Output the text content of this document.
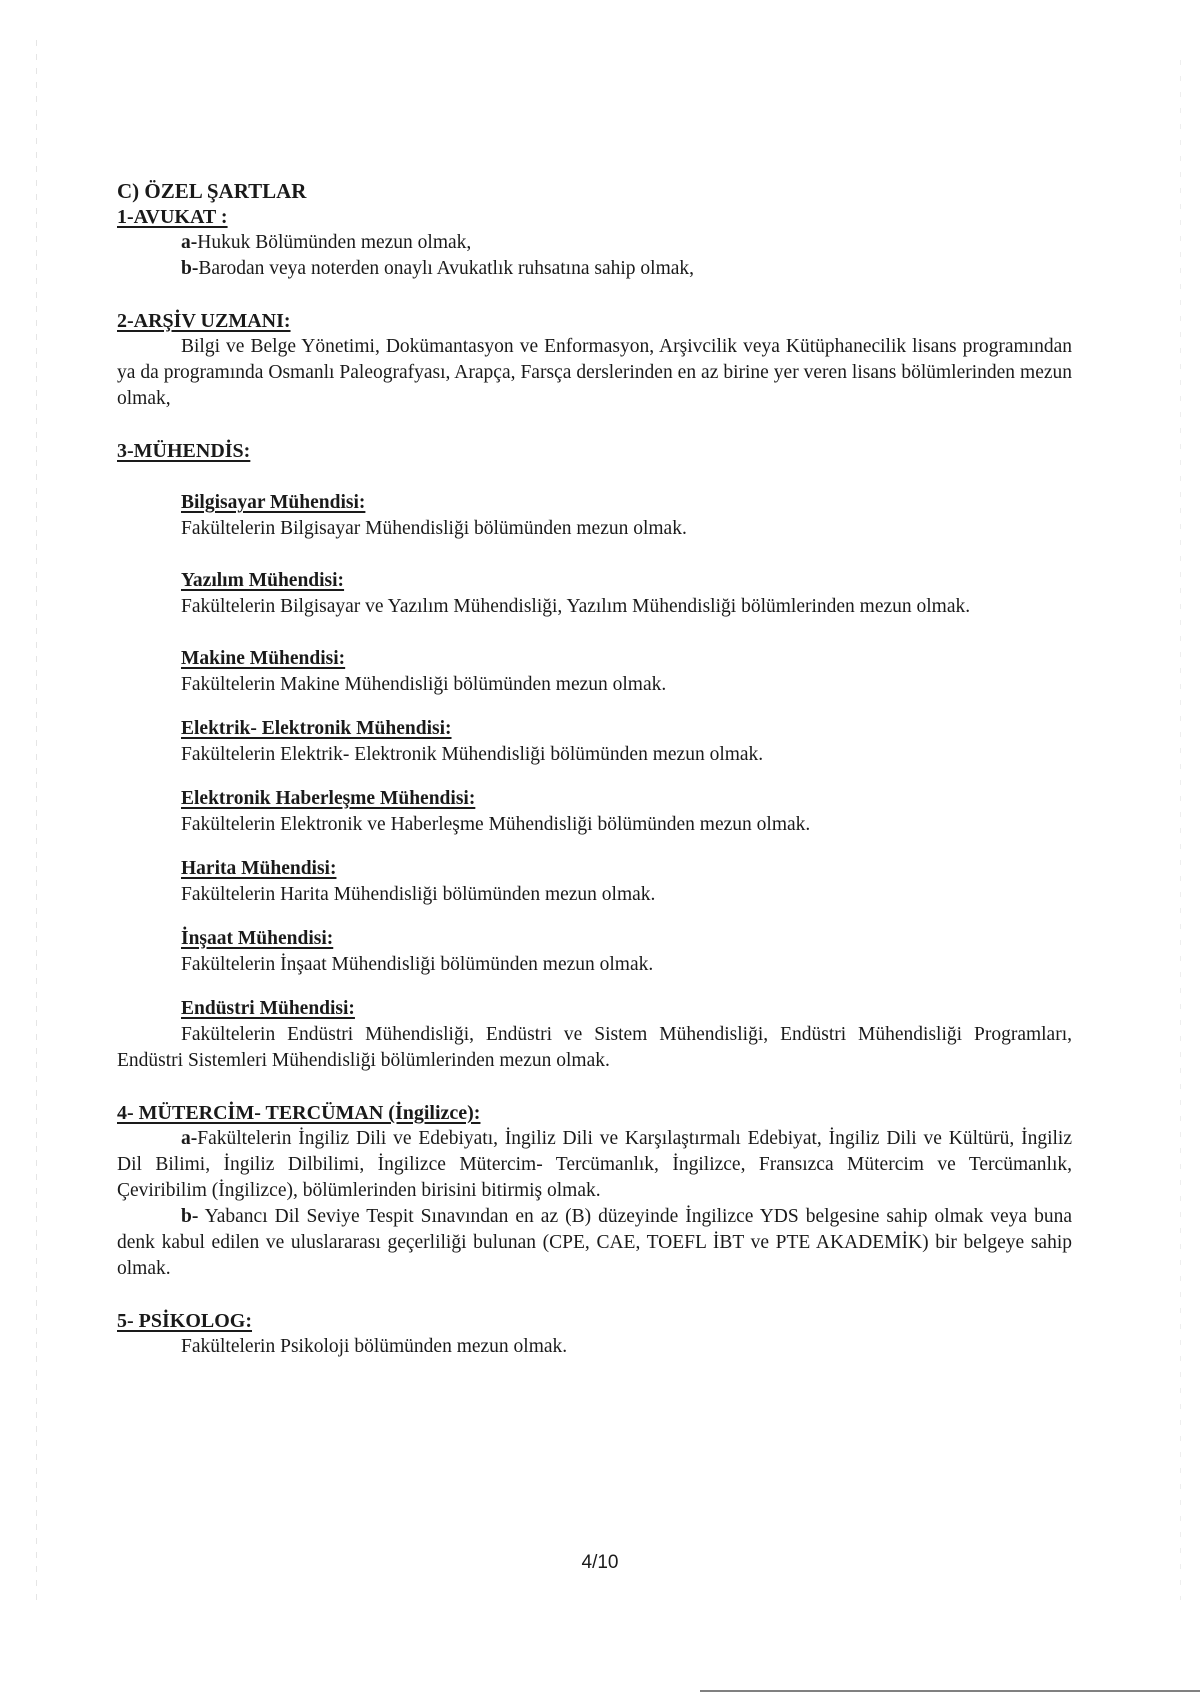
C) ÖZEL ŞARTLAR
1-AVUKAT :
a-Hukuk Bölümünden mezun olmak,
b-Barodan veya noterden onaylı Avukatlık ruhsatına sahip olmak,
2-ARŞİV UZMANI:

Bilgi ve Belge Yönetimi, Dokümantasyon ve Enformasyon, Arşivcilik veya Kütüphanecilik lisans programından ya da programında Osmanlı Paleografyası, Arapça, Farsça derslerinden en az birine yer veren lisans bölümlerinden mezun olmak,

3-MÜHENDİS:
Bilgisayar Mühendisi:
Fakültelerin Bilgisayar Mühendisliği bölümünden mezun olmak.
Yazılım Mühendisi:

Fakültelerin Bilgisayar ve Yazılım Mühendisliği, Yazılım Mühendisliği bölümlerinden mezun olmak.

Makine Mühendisi:
Fakültelerin Makine Mühendisliği bölümünden mezun olmak.
Elektrik- Elektronik Mühendisi:
Fakültelerin Elektrik- Elektronik Mühendisliği bölümünden mezun olmak.
Elektronik Haberleşme Mühendisi:
Fakültelerin Elektronik ve Haberleşme Mühendisliği bölümünden mezun olmak.
Harita Mühendisi:
Fakültelerin Harita Mühendisliği bölümünden mezun olmak.
İnşaat Mühendisi:
Fakültelerin İnşaat Mühendisliği bölümünden mezun olmak.
Endüstri Mühendisi:

Fakültelerin Endüstri Mühendisliği, Endüstri ve Sistem Mühendisliği, Endüstri Mühendisliği Programları, Endüstri Sistemleri Mühendisliği bölümlerinden mezun olmak.

4- MÜTERCİM- TERCÜMAN (İngilizce):

a-Fakültelerin İngiliz Dili ve Edebiyatı, İngiliz Dili ve Karşılaştırmalı Edebiyat, İngiliz Dili ve Kültürü, İngiliz Dil Bilimi, İngiliz Dilbilimi, İngilizce Mütercim- Tercümanlık, İngilizce, Fransızca Mütercim ve Tercümanlık, Çeviribilim (İngilizce), bölümlerinden birisini bitirmiş olmak.

b- Yabancı Dil Seviye Tespit Sınavından en az (B) düzeyinde İngilizce YDS belgesine sahip olmak veya buna denk kabul edilen ve uluslararası geçerliliği bulunan (CPE, CAE, TOEFL İBT ve PTE AKADEMİK) bir belgeye sahip olmak.

5- PSİKOLOG:
Fakültelerin Psikoloji bölümünden mezun olmak.
4/10
